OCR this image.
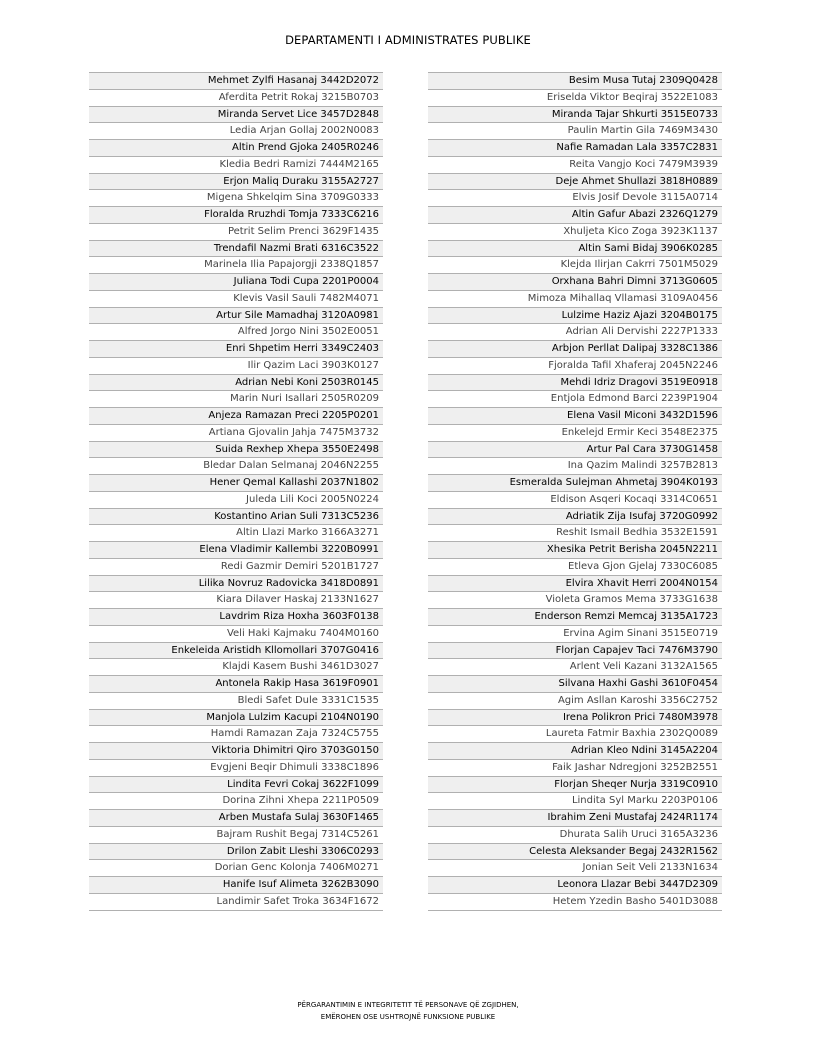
DEPARTAMENTI I ADMINISTRATES PUBLIKE
Mehmet Zylfi Hasanaj 3442D2072
Aferdita Petrit Rokaj 3215B0703
Miranda Servet Lice 3457D2848
Ledia Arjan Gollaj 2002N0083
Altin Prend Gjoka 2405R0246
Kledia Bedri Ramizi 7444M2165
Erjon Maliq Duraku 3155A2727
Migena Shkelqim Sina 3709G0333
Floralda Rruzhdi Tomja 7333C6216
Petrit Selim Prenci 3629F1435
Trendafil Nazmi Brati 6316C3522
Marinela Ilia Papajorgji 2338Q1857
Juliana Todi Cupa 2201P0004
Klevis Vasil Sauli 7482M4071
Artur Sile Mamadhaj 3120A0981
Alfred Jorgo Nini 3502E0051
Enri Shpetim Herri 3349C2403
Ilir Qazim Laci 3903K0127
Adrian Nebi Koni 2503R0145
Marin Nuri Isallari 2505R0209
Anjeza Ramazan Preci 2205P0201
Artiana Gjovalin Jahja 7475M3732
Suida Rexhep Xhepa 3550E2498
Bledar Dalan Selmanaj 2046N2255
Hener Qemal Kallashi 2037N1802
Juleda Lili Koci 2005N0224
Kostantino Arian Suli 7313C5236
Altin Llazi Marko 3166A3271
Elena Vladimir Kallembi 3220B0991
Redi Gazmir Demiri 5201B1727
Lilika Novruz Radovicka 3418D0891
Kiara Dilaver Haskaj 2133N1627
Lavdrim Riza Hoxha 3603F0138
Veli Haki Kajmaku 7404M0160
Enkeleida Aristidh Kllomollari 3707G0416
Klajdi Kasem Bushi 3461D3027
Antonela Rakip Hasa 3619F0901
Bledi Safet Dule 3331C1535
Manjola Lulzim Kacupi 2104N0190
Hamdi Ramazan Zaja 7324C5755
Viktoria Dhimitri Qiro 3703G0150
Evgjeni Beqir Dhimuli 3338C1896
Lindita Fevri Cokaj 3622F1099
Dorina Zihni Xhepa 2211P0509
Arben Mustafa Sulaj 3630F1465
Bajram Rushit Begaj 7314C5261
Drilon Zabit Lleshi 3306C0293
Dorian Genc Kolonja 7406M0271
Hanife Isuf Alimeta 3262B3090
Landimir Safet Troka 3634F1672
Besim Musa Tutaj 2309Q0428
Eriselda Viktor Beqiraj 3522E1083
Miranda Tajar Shkurti 3515E0733
Paulin Martin Gila 7469M3430
Nafie Ramadan Lala 3357C2831
Reita Vangjo Koci 7479M3939
Deje Ahmet Shullazi 3818H0889
Elvis Josif Devole 3115A0714
Altin Gafur Abazi 2326Q1279
Xhuljeta Kico Zoga 3923K1137
Altin Sami Bidaj 3906K0285
Klejda Ilirjan Cakrri 7501M5029
Orxhana Bahri Dimni 3713G0605
Mimoza Mihallaq Vllamasi 3109A0456
Lulzime Haziz Ajazi 3204B0175
Adrian Ali Dervishi 2227P1333
Arbjon Perllat Dalipaj 3328C1386
Fjoralda Tafil Xhaferaj 2045N2246
Mehdi Idriz Dragovi 3519E0918
Entjola Edmond Barci 2239P1904
Elena Vasil Miconi 3432D1596
Enkelejd Ermir Keci 3548E2375
Artur Pal Cara 3730G1458
Ina Qazim Malindi 3257B2813
Esmeralda Sulejman Ahmetaj 3904K0193
Eldison Asqeri Kocaqi 3314C0651
Adriatik Zija Isufaj 3720G0992
Reshit Ismail Bedhia 3532E1591
Xhesika Petrit Berisha 2045N2211
Etleva Gjon Gjelaj 7330C6085
Elvira Xhavit Herri 2004N0154
Violeta Gramos Mema 3733G1638
Enderson Remzi Memcaj 3135A1723
Ervina Agim Sinani 3515E0719
Florjan Capajev Taci 7476M3790
Arlent Veli Kazani 3132A1565
Silvana Haxhi Gashi 3610F0454
Agim Asllan Karoshi 3356C2752
Irena Polikron Prici 7480M3978
Laureta Fatmir Baxhia 2302Q0089
Adrian Kleo Ndini 3145A2204
Faik Jashar Ndregjoni 3252B2551
Florjan Sheqer Nurja 3319C0910
Lindita Syl Marku 2203P0106
Ibrahim Zeni Mustafaj 2424R1174
Dhurata Salih Uruci 3165A3236
Celesta Aleksander Begaj 2432R1562
Jonian Seit Veli 2133N1634
Leonora Llazar Bebi 3447D2309
Hetem Yzedin Basho 5401D3088
PËRGARANTIMIN E INTEGRITETIT TË PERSONAVE QË ZGJIDHEN,
EMËROHEN OSE USHTROJNË FUNKSIONE PUBLIKE
